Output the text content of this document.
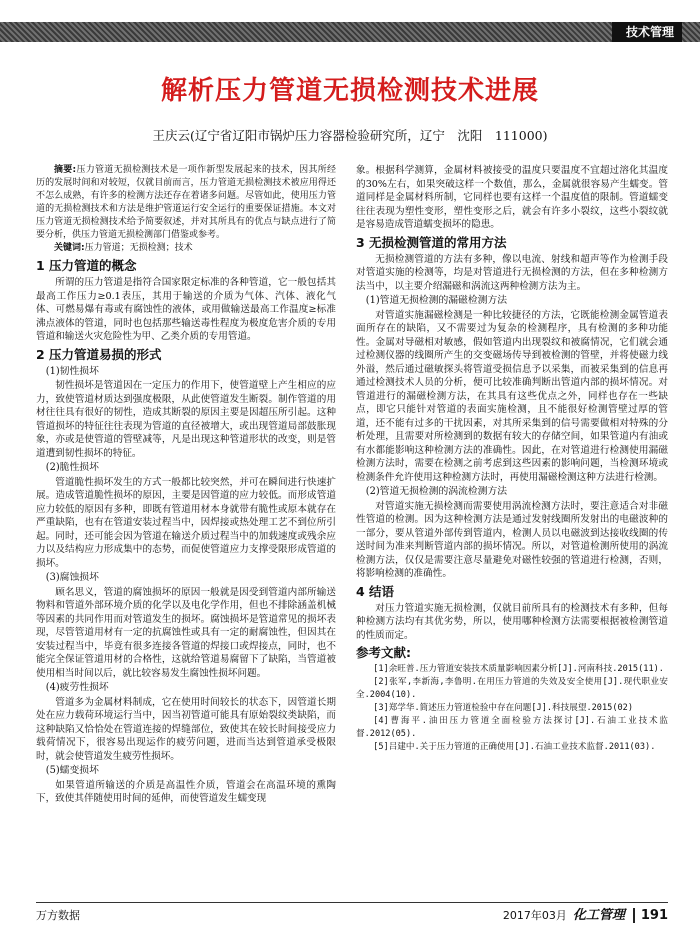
技术管理
解析压力管道无损检测技术进展
王庆云(辽宁省辽阳市锅炉压力容器检验研究所，辽宁　沈阳　111000)

摘要:压力管道无损检测技术是一项作新型发展起来的技术，因其所经历的发展时间和对较短，仅就目前而言，压力管道无损检测技术被应用得还不怎么成熟，有许多的检测方法还存在着诸多问题。尽管如此，使用压力管道的无损检测技术和方法是维护管道运行安全运行的重要保证措施。本文对压力管道无损检测技术给予简要叙述，并对其所具有的优点与缺点进行了简要分析，供压力管道无损检测部门借鉴或参考。

关键词:压力管道；无损检测；技术

1 压力管道的概念

所谓的压力管道是指符合国家限定标准的各种管道，它一般包括其最高工作压力≥0.1表压，其用于输送的介质为气体、汽体、液化气体、可燃易爆有毒或有腐蚀性的液体，或用做输送最高工作温度≥标准沸点液体的管道，同时也包括那些输送毒性程度为极度危害介质的专用管道和输送火灾危险性为甲、乙类介质的专用管道。

2 压力管道易损的形式
(1)韧性损坏

韧性损坏是管道因在一定压力的作用下，使管道壁上产生相应的应力，致使管道材质达到强度极限，从此使管道发生断裂。制作管道的用材往往具有很好的韧性，造成其断裂的原因主要是因超压所引起。这种管道损坏的特征往往表现为管道的直径被增大，或出现管道局部鼓胀现象，亦或是使管道的管壁减等，凡是出现这种管道形状的改变，则是管道遭到韧性损坏的特征。

(2)脆性损坏

管道脆性损坏发生的方式一般都比较突然，并可在瞬间进行快速扩展。造成管道脆性损坏的原因，主要是因管道的应力较低。而形成管道应力较低的原因有多种，即既有管道用材本身就带有脆性或原本就存在严重缺陷，也有在管道安装过程当中，因焊接或热处理工艺不到位所引起。同时，还可能会因为管道在输送介质过程当中的加载速度或残余应力以及结构应力形成集中的态势，而促使管道应力支撑受限形成管道的损坏。

(3)腐蚀损坏

顾名思义，管道的腐蚀损坏的原因一般就是因受到管道内部所输送物料和管道外部环境介质的化学以及电化学作用，但也不排除涵盖机械等因素的共同作用而对管道发生的损坏。腐蚀损坏是管道常见的损坏表现，尽管管道用材有一定的抗腐蚀性或具有一定的耐腐蚀性，但因其在安装过程当中，毕竟有很多连接各管道的焊接口或焊接点，同时，也不能完全保证管道用材的合格性，这就给管道易腐留下了缺陷，当管道被使用相当时间以后，就比较容易发生腐蚀性损坏问题。

(4)疲劳性损坏

管道多为金属材料制成，它在使用时间较长的状态下，因管道长期处在应力载荷环境运行当中，因当初管道可能具有原始裂纹类缺陷，而这种缺陷又恰恰处在管道连接的焊缝部位，致使其在较长时间接受应力载荷情况下，很容易出现运作的疲劳问题，进而当达到管道承受极限时，就会使管道发生疲劳性损坏。

(5)蠕变损坏

如果管道所输送的介质是高温性介质，管道会在高温环境的熏陶下，致使其伴随使用时间的延伸，而使管道发生蠕变现

象。根据科学测算，金属材料被接受的温度只要温度不宜超过溶化其温度的30%左右，如果突破这样一个数值，那么，金属就很容易产生蠕变。管道同样是金属材料所制，它同样也要有这样一个温度值的限制。管道蠕变往往表现为塑性变形，塑性变形之后，就会有许多小裂纹，这些小裂纹就是容易造成管道蠕变损坏的隐患。

3 无损检测管道的常用方法

无损检测管道的方法有多种，像以电流、射线和超声等作为检测手段对管道实施的检测等，均是对管道进行无损检测的方法，但在多种检测方法当中，以主要介绍漏磁和涡流这两种检测方法为主。

(1)管道无损检测的漏磁检测方法

对管道实施漏磁检测是一种比较捷径的方法，它既能检测金属管道表面所存在的缺陷，又不需要过为复杂的检测程序，具有检测的多种功能性。金属对导磁相对敏感，假如管道内出现裂纹和被腐情况，它们就会通过检测仪器的线圈所产生的交变磁场传导到被检测的管壁，并将使磁力线外溢，然后通过磁敏探头将管道受损信息予以采集，而被采集到的信息再通过检测技术人员的分析，便可比较准确判断出管道内部的损坏情况。对管道进行的漏磁检测方法，在其具有这些优点之外，同样也存在一些缺点，即它只能针对管道的表面实施检测，且不能很好检测管壁过厚的管道，还不能有过多的干扰因素，对其所采集到的信号需要做相对特殊的分析处理，且需要对所检测到的数据有较大的存储空间，如果管道内有油或有水都能影响这种检测方法的准确性。因此，在对管道进行检测使用漏磁检测方法时，需要在检测之前考虑到这些因素的影响问题，当检测环境或检测条件允许使用这种检测方法时，再使用漏磁检测这种方法进行检测。

(2)管道无损检测的涡流检测方法

对管道实施无损检测而需要使用涡流检测方法时，要注意适合对非磁性管道的检测。因为这种检测方法是通过发射线圈所发射出的电磁波种的一部分，要从管道外部传到管道内，检测人员以电磁波到达接收线圈的传送时间为准来判断管道内部的损坏情况。所以，对管道检测所使用的涡流检测方法，仅仅是需要注意尽量避免对磁性较强的管道进行检测，否则，将影响检测的准确性。

4 结语

对压力管道实施无损检测，仅就目前所具有的检测技术有多种，但每种检测方法均有其优劣势，所以，使用哪种检测方法需要根据被检测管道的性质而定。

参考文献:

[1]余旺普.压力管道安装技术质量影响因素分析[J].河南科技.2015(11).

[2]张军,李新海,李鲁明.在用压力管道的失效及安全使用[J].现代职业安全.2004(10).

[3]郑学华.简述压力管道检验中存在问题[J].科技展望.2015(02)

[4]曹海平.油田压力管道全面检验方法探讨[J].石油工业技术监督.2012(05).

[5]吕建中.关于压力管道的正确使用[J].石油工业技术监督.2011(03).

万方数据	2017年03月 化工管理 191
